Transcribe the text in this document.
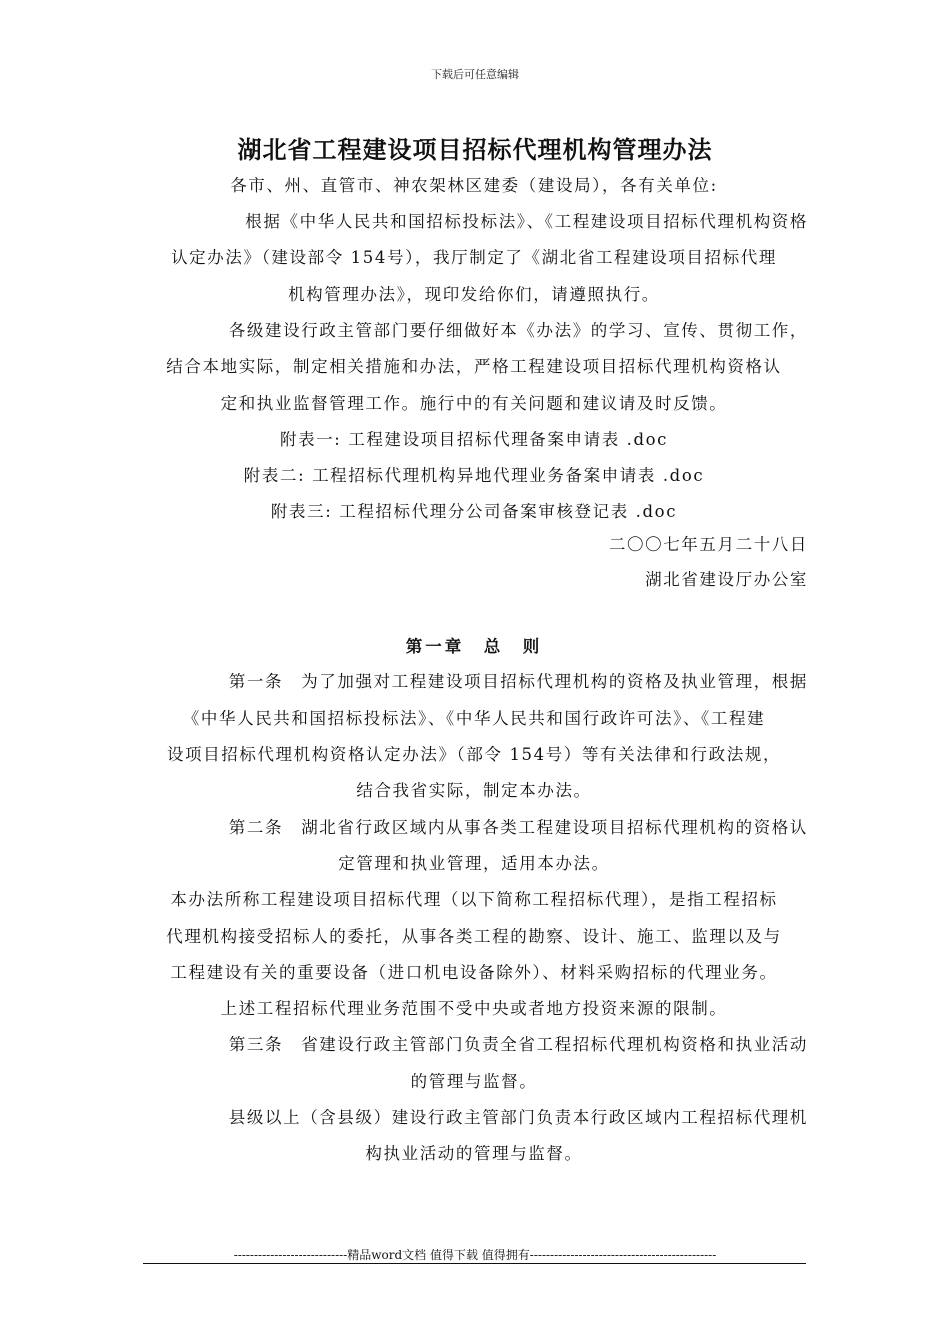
下载后可任意编辑
湖北省工程建设项目招标代理机构管理办法
各市、州、直管市、神农架林区建委（建设局），各有关单位:
根据《中华人民共和国招标投标法》、《工程建设项目招标代理机构资格
认定办法》（建设部令 154号），我厅制定了《湖北省工程建设项目招标代理
机构管理办法》，现印发给你们，请遵照执行。
各级建设行政主管部门要仔细做好本《办法》的学习、宣传、贯彻工作，
结合本地实际，制定相关措施和办法，严格工程建设项目招标代理机构资格认
定和执业监督管理工作。施行中的有关问题和建议请及时反馈。
附表一: 工程建设项目招标代理备案申请表 .doc
附表二: 工程招标代理机构异地代理业务备案申请表 .doc
附表三: 工程招标代理分公司备案审核登记表 .doc
二〇〇七年五月二十八日
湖北省建设厅办公室
第一章　总　则
第一条　为了加强对工程建设项目招标代理机构的资格及执业管理，根据
《中华人民共和国招标投标法》、《中华人民共和国行政许可法》、《工程建
设项目招标代理机构资格认定办法》（部令 154号）等有关法律和行政法规，
结合我省实际，制定本办法。
第二条　湖北省行政区域内从事各类工程建设项目招标代理机构的资格认
定管理和执业管理，适用本办法。
本办法所称工程建设项目招标代理（以下简称工程招标代理），是指工程招标
代理机构接受招标人的委托，从事各类工程的勘察、设计、施工、监理以及与
工程建设有关的重要设备（进口机电设备除外）、材料采购招标的代理业务。
上述工程招标代理业务范围不受中央或者地方投资来源的限制。
第三条　省建设行政主管部门负责全省工程招标代理机构资格和执业活动
的管理与监督。
县级以上（含县级）建设行政主管部门负责本行政区域内工程招标代理机
构执业活动的管理与监督。
----------------------------精品word文档 值得下载 值得拥有----------------------------------------------
